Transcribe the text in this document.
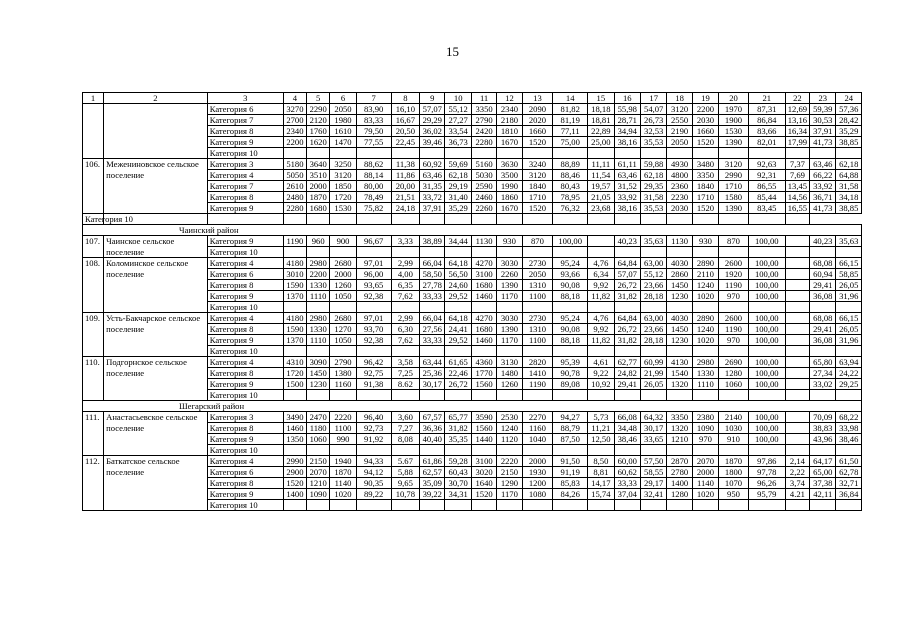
15
1	2	3	4	5	6	7	8	9	10	11	12	13	14	15	16	17	18	19	20	21	22	23	24
		Категория 6	3270	2290	2050	83,90	16,10	57,07	55,12	3350	2340	2090	81,82	18,18	55,98	54,07	3120	2200	1970	87,31	12,69	59,39	57,36
		Категория 7	2700	2120	1980	83,33	16,67	29,29	27,27	2790	2180	2020	81,19	18,81	28,71	26,73	2550	2030	1900	86,84	13,16	30,53	28,42
		Категория 8	2340	1760	1610	79,50	20,50	36,02	33,54	2420	1810	1660	77,11	22,89	34,94	32,53	2190	1660	1530	83,66	16,34	37,91	35,29
		Категория 9	2200	1620	1470	77,55	22,45	39,46	36,73	2280	1670	1520	75,00	25,00	38,16	35,53	2050	1520	1390	82,01	17,99	41,73	38,85
		Категория 10																					
106.	Межениновское сельское поселение	Категория 3	5180	3640	3250	88,62	11,38	60,92	59,69	5160	3630	3240	88,89	11,11	61,11	59,88	4930	3480	3120	92,63	7,37	63,46	62,18
		Категория 4	5050	3510	3120	88,14	11,86	63,46	62,18	5030	3500	3120	88,46	11,54	63,46	62,18	4800	3350	2990	92,31	7,69	66,22	64,88
		Категория 7	2610	2000	1850	80,00	20,00	31,35	29,19	2590	1990	1840	80,43	19,57	31,52	29,35	2360	1840	1710	86,55	13,45	33,92	31,58
		Категория 8	2480	1870	1720	78,49	21,51	33,72	31,40	2460	1860	1710	78,95	21,05	33,92	31,58	2230	1710	1580	85,44	14,56	36,71	34,18
		Категория 9	2280	1680	1530	75,82	24,18	37,91	35,29	2260	1670	1520	76,32	23,68	38,16	35,53	2030	1520	1390	83,45	16,55	41,73	38,85
Категория 10																							
Чаинский район																							
107.	Чаинское сельское поселение	Категория 9	1190	960	900	96,67	3,33	38,89	34,44	1130	930	870	100,00		40,23	35,63	1130	930	870	100,00		40,23	35,63
		Категория 10																					
108.	Коломинское сельское поселение	Категория 4	4180	2980	2680	97,01	2,99	66,04	64,18	4270	3030	2730	95,24	4,76	64,84	63,00	4030	2890	2600	100,00		68,08	66,15
		Категория 6	3010	2200	2000	96,00	4,00	58,50	56,50	3100	2260	2050	93,66	6,34	57,07	55,12	2860	2110	1920	100,00		60,94	58,85
		Категория 8	1590	1330	1260	93,65	6,35	27,78	24,60	1680	1390	1310	90,08	9,92	26,72	23,66	1450	1240	1190	100,00		29,41	26,05
		Категория 9	1370	1110	1050	92,38	7,62	33,33	29,52	1460	1170	1100	88,18	11,82	31,82	28,18	1230	1020	970	100,00		36,08	31,96
		Категория 10																					
109.	Усть-Бакчарское сельское поселение	Категория 4	4180	2980	2680	97,01	2,99	66,04	64,18	4270	3030	2730	95,24	4,76	64,84	63,00	4030	2890	2600	100,00		68,08	66,15
		Категория 8	1590	1330	1270	93,70	6,30	27,56	24,41	1680	1390	1310	90,08	9,92	26,72	23,66	1450	1240	1190	100,00		29,41	26,05
		Категория 9	1370	1110	1050	92,38	7,62	33,33	29,52	1460	1170	1100	88,18	11,82	31,82	28,18	1230	1020	970	100,00		36,08	31,96
		Категория 10																					
110.	Подгорнское сельское поселение	Категория 4	4310	3090	2790	96,42	3,58	63,44	61,65	4360	3130	2820	95,39	4,61	62,77	60,99	4130	2980	2690	100,00		65,80	63,94
		Категория 8	1720	1450	1380	92,75	7,25	25,36	22,46	1770	1480	1410	90,78	9,22	24,82	21,99	1540	1330	1280	100,00		27,34	24,22
		Категория 9	1500	1230	1160	91,38	8.62	30,17	26,72	1560	1260	1190	89,08	10,92	29,41	26,05	1320	1110	1060	100,00		33,02	29,25
		Категория 10																					
Шегарский район																							
111.	Анастасьевское сельское поселение	Категория 3	3490	2470	2220	96,40	3,60	67,57	65,77	3590	2530	2270	94,27	5,73	66,08	64,32	3350	2380	2140	100,00		70,09	68,22
		Категория 8	1460	1180	1100	92,73	7,27	36,36	31,82	1560	1240	1160	88,79	11,21	34,48	30,17	1320	1090	1030	100,00		38,83	33,98
		Категория 9	1350	1060	990	91,92	8,08	40,40	35,35	1440	1120	1040	87,50	12,50	38,46	33,65	1210	970	910	100,00		43,96	38,46
		Категория 10																					
112.	Баткатское сельское поселение	Категория 4	2990	2150	1940	94,33	5.67	61,86	59,28	3100	2220	2000	91,50	8,50	60,00	57,50	2870	2070	1870	97,86	2,14	64,17	61,50
		Категория 6	2900	2070	1870	94,12	5,88	62,57	60,43	3020	2150	1930	91,19	8,81	60,62	58,55	2780	2000	1800	97,78	2,22	65,00	62,78
		Категория 8	1520	1210	1140	90,35	9,65	35,09	30,70	1640	1290	1200	85,83	14,17	33,33	29,17	1400	1140	1070	96,26	3,74	37,38	32,71
		Категория 9	1400	1090	1020	89,22	10,78	39,22	34,31	1520	1170	1080	84,26	15,74	37,04	32,41	1280	1020	950	95,79	4.21	42,11	36,84
		Категория 10																					
